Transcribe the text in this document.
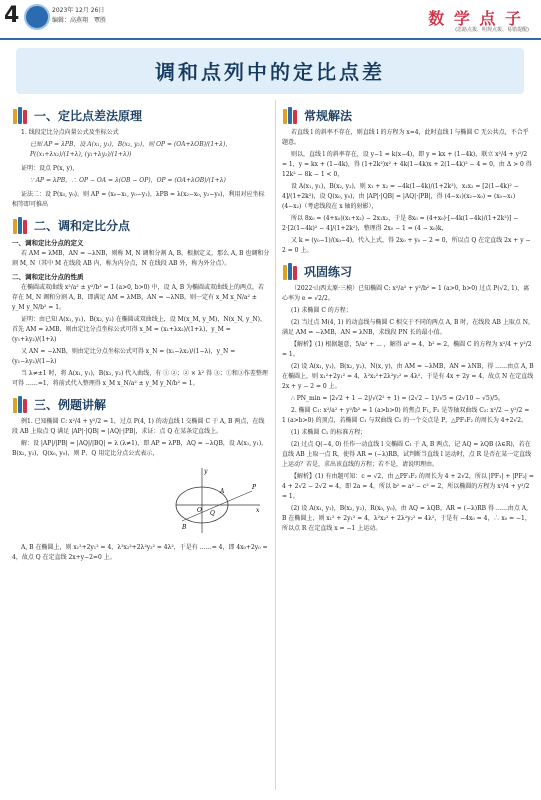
4	2023年 12月 26日
编辑：高燕翔　覃胜	数 学 点 子
(思路点拨、明规点拨、易错提醒)
调和点列中的定比点差
一、定比点差法原理

1. 线段定比分点向量公式及坐标公式

已知 AP = λPB，设 A(x₁, y₁)，B(x₂, y₂)，则 OP = (OA+λOB)/(1+λ)，P((x₁+λx₂)/(1+λ), (y₁+λy₂)/(1+λ))

证明：设点 P(x, y)，

∵ AP = λPB，∴ OP − OA = λ(OB − OP)，OP = (OA+λOB)/(1+λ)

证法二：设 P(x₀, y₀)，则 AP = (x₀−x₁, y₀−y₁)，λPB = λ(x₂−x₀, y₂−y₀)，利用对应坐标相等即可推出

二、调和定比分点
一、调和定比分点的定义

若 AM = λMB，AN = −λNB，则称 M, N 调和分割 A, B，根据定义，那么 A, B 也调和分割 M, N（其中 M 在线段 AB 内，称为内分点，N 在线段 AB 外，称为外分点）。

二、调和定比分点的性质

在椭圆或双曲线 x²/a² ± y²/b² = 1 (a>0, b>0) 中，设 A, B 为椭圆或双曲线上的两点，若存在 M, N 调和分割 A, B，即满足 AM = λMB，AN = −λNB，则一定有 x_M x_N/a² ± y_M y_N/b² = 1。

证明：由已知 A(x₁, y₁)，B(x₂, y₂) 在椭圆或双曲线上，设 M(x_M, y_M)，N(x_N, y_N)，首先 AM = λMB，则由定比分点坐标公式可得 x_M = (x₁+λx₂)/(1+λ)，y_M = (y₁+λy₂)/(1+λ)

又 AN = −λNB，则由定比分点坐标公式可得 x_N = (x₁−λx₂)/(1−λ)，y_N = (y₁−λy₂)/(1−λ)

当 λ≠±1 时，将 A(x₁, y₁)，B(x₂, y₂) 代入曲线，有 ① ②；② × λ² 得 ③；①和③作差整理可得 ……=1，将前式代入整理得 x_M x_N/a² ± y_M y_N/b² = 1。

三、例题讲解

例1. 已知椭圆 C: x²/4 + y²/2 = 1，过点 P(4, 1) 的动直线 l 交椭圆 C 于 A, B 两点，在线段 AB 上取点 Q 满足 |AP|·|QB| = |AQ|·|PB|，求证：点 Q 在某条定直线上。

解：设 |AP|/|PB| = |AQ|/|BQ| = λ (λ≠1)，即 AP = λPB，AQ = −λQB，设 A(x₁, y₁)，B(x₂, y₂)，Q(x₀, y₀)，则 P、Q 用定比分点公式表示，

y
x
O
A
B
Q
P

A, B 在椭圆上，则 x₁²+2y₁² = 4，λ²x₂²+2λ²y₂² = 4λ²，于是有 ……= 4，即 4x₀+2y₀ = 4，故点 Q 在定直线 2x+y−2=0 上。

常规解法

若直线 l 的斜率不存在，则直线 l 的方程为 x=4，此时直线 l 与椭圆 C 无公共点，不合乎题意。

则以，直线 l 的斜率存在，设 y−1 = k(x−4)，即 y = kx + (1−4k)，联立 x²/4 + y²/2 = 1，y = kx + (1−4k)，得 (1+2k²)x² + 4k(1−4k)x + 2(1−4k)² − 4 = 0，由 Δ > 0 得 12k² − 8k − 1 < 0，

设 A(x₁, y₁)，B(x₂, y₂)，则 x₁ + x₂ = −4k(1−4k)/(1+2k²)，x₁x₂ = [2(1−4k)² − 4]/(1+2k²)，设 Q(x₀, y₀)，由 |AP|·|QB| = |AQ|·|PB|，得 (4−x₁)(x₂−x₀) = (x₀−x₁)(4−x₂)（考虑线段在 x 轴的射影），

所以 8x₀ = (4+x₀)(x₁+x₂) − 2x₁x₂，于是 8x₀ = (4+x₀)·[−4k(1−4k)/(1+2k²)] − 2·[2(1−4k)² − 4]/(1+2k²)，整理得 2x₀ − 1 = (4 − x₀)k，

又 k = (y₀−1)/(x₀−4)，代入上式，得 2x₀ + y₀ − 2 = 0，所以点 Q 在定直线 2x + y − 2 = 0 上。

巩固练习

（2022·山西太原·三模）已知椭圆 C: x²/a² + y²/b² = 1 (a>0, b>0) 过点 P(√2, 1)，离心率为 e = √2/2。

(1) 求椭圆 C 的方程；

(2) 当过点 M(4, 1) 的动直线与椭圆 C 相交于不同的两点 A, B 时，在线段 AB 上取点 N，满足 AM = −λMB，AN = λNB，求线段 PN 长的最小值。

【解析】(1) 根据题意，5/a² + ... ，解得 a² = 4，b² = 2，椭圆 C 的方程为 x²/4 + y²/2 = 1。

(2) 设 A(x₁, y₁)，B(x₂, y₂)，N(x, y)，由 AM = −λMB，AN = λNB，得 ……由点 A, B 在椭圆上，则 x₁²+2y₁² = 4，λ²x₂²+2λ²y₂² = 4λ²，于是有 4x + 2y = 4，故点 N 在定直线 2x + y − 2 = 0 上。

∴ PN_min = |2√2 + 1 − 2|/√(2² + 1) = (2√2 − 1)/√5 = (2√10 − √5)/5。

2. 椭圆 C₁: x²/a² + y²/b² = 1 (a>b>0) 的焦点 F₁, F₂ 是等轴双曲线 C₂: x²/2 − y²/2 = 1 (a>b>0) 的顶点，若椭圆 C₁ 与双曲线 C₂ 的一个交点是 P，△PF₁F₂ 的周长为 4+2√2。

(1) 求椭圆 C₁ 的标准方程；

(2) 过点 Q(−4, 0) 任作一动直线 l 交椭圆 C₁ 于 A, B 两点，记 AQ = λQB (λ∈R)，若在直线 AB 上取一点 R，使得 AR = (−λ)RB，试判断当直线 l 运动时，点 R 是否在某一定直线上运动？若是，求出该直线的方程；若不是，请说明理由。

【解析】(1) 有由题可知：c = √2，由 △PF₁F₂ 的周长为 4 + 2√2，所以 |PF₁| + |PF₂| = 4 + 2√2 − 2√2 = 4，即 2a = 4，所以 b² = a² − c² = 2，所以椭圆的方程为 x²/4 + y²/2 = 1。

(2) 设 A(x₁, y₁)，B(x₂, y₂)，R(x₀, y₀)，由 AQ = λQB，AR = (−λ)RB 得 ……由点 A, B 在椭圆上，则 x₁² + 2y₁² = 4，λ²x₂² + 2λ²y₂² = 4λ²，于是有 −4x₀ = 4，∴ x₀ = −1，所以点 R 在定直线 x = −1 上运动。
